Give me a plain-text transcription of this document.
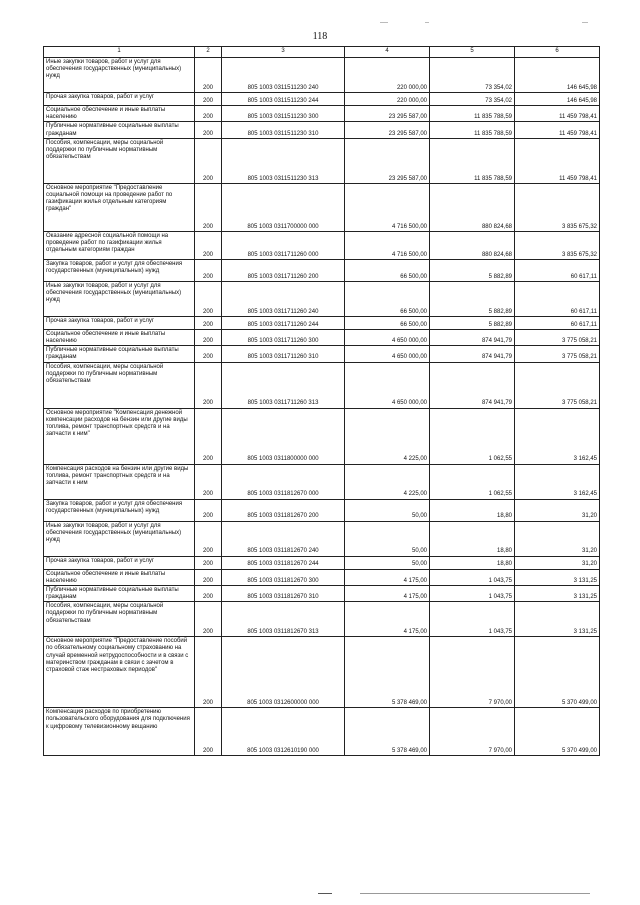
118
1	2	3	4	5	6
Иные закупки товаров, работ и услуг для обеспечения государственных (муниципальных) нужд	200	805 1003 0311511230 240	220 000,00	73 354,02	146 645,98
Прочая закупка товаров, работ и услуг	200	805 1003 0311511230 244	220 000,00	73 354,02	146 645,98
Социальное обеспечение и иные выплаты населению	200	805 1003 0311511230 300	23 295 587,00	11 835 788,59	11 459 798,41
Публичные нормативные социальные выплаты гражданам	200	805 1003 0311511230 310	23 295 587,00	11 835 788,59	11 459 798,41
Пособия, компенсации, меры социальной поддержки по публичным нормативным обязательствам	200	805 1003 0311511230 313	23 295 587,00	11 835 788,59	11 459 798,41
Основное мероприятие "Предоставление социальной помощи на проведение работ по газификации жилья отдельным категориям граждан"	200	805 1003 0311700000 000	4 716 500,00	880 824,68	3 835 675,32
Оказание адресной социальной помощи на проведение работ по газификации жилья отдельным категориям граждан	200	805 1003 0311711260 000	4 716 500,00	880 824,68	3 835 675,32
Закупка товаров, работ и услуг для обеспечения государственных (муниципальных) нужд	200	805 1003 0311711260 200	66 500,00	5 882,89	60 617,11
Иные закупки товаров, работ и услуг для обеспечения государственных (муниципальных) нужд	200	805 1003 0311711260 240	66 500,00	5 882,89	60 617,11
Прочая закупка товаров, работ и услуг	200	805 1003 0311711260 244	66 500,00	5 882,89	60 617,11
Социальное обеспечение и иные выплаты населению	200	805 1003 0311711260 300	4 650 000,00	874 941,79	3 775 058,21
Публичные нормативные социальные выплаты гражданам	200	805 1003 0311711260 310	4 650 000,00	874 941,79	3 775 058,21
Пособия, компенсации, меры социальной поддержки по публичным нормативным обязательствам	200	805 1003 0311711260 313	4 650 000,00	874 941,79	3 775 058,21
Основное мероприятие "Компенсация денежной компенсации расходов на бензин или другие виды топлива, ремонт транспортных средств и на запчасти к ним"	200	805 1003 0311800000 000	4 225,00	1 062,55	3 162,45
Компенсация расходов на бензин или другие виды топлива, ремонт транспортных средств и на запчасти к ним	200	805 1003 0311812670 000	4 225,00	1 062,55	3 162,45
Закупка товаров, работ и услуг для обеспечения государственных (муниципальных) нужд	200	805 1003 0311812670 200	50,00	18,80	31,20
Иные закупки товаров, работ и услуг для обеспечения государственных (муниципальных) нужд	200	805 1003 0311812670 240	50,00	18,80	31,20
Прочая закупка товаров, работ и услуг	200	805 1003 0311812670 244	50,00	18,80	31,20
Социальное обеспечение и иные выплаты населению	200	805 1003 0311812670 300	4 175,00	1 043,75	3 131,25
Публичные нормативные социальные выплаты гражданам	200	805 1003 0311812670 310	4 175,00	1 043,75	3 131,25
Пособия, компенсации, меры социальной поддержки по публичным нормативным обязательствам	200	805 1003 0311812670 313	4 175,00	1 043,75	3 131,25
Основное мероприятие "Предоставление пособий по обязательному социальному страхованию на случай временной нетрудоспособности и в связи с материнством гражданам в связи с зачетом в страховой стаж нестраховых периодов"	200	805 1003 0312600000 000	5 378 469,00	7 970,00	5 370 499,00
Компенсация расходов по приобретению пользовательского оборудования для подключения к цифровому телевизионному вещанию	200	805 1003 0312610190 000	5 378 469,00	7 970,00	5 370 499,00
